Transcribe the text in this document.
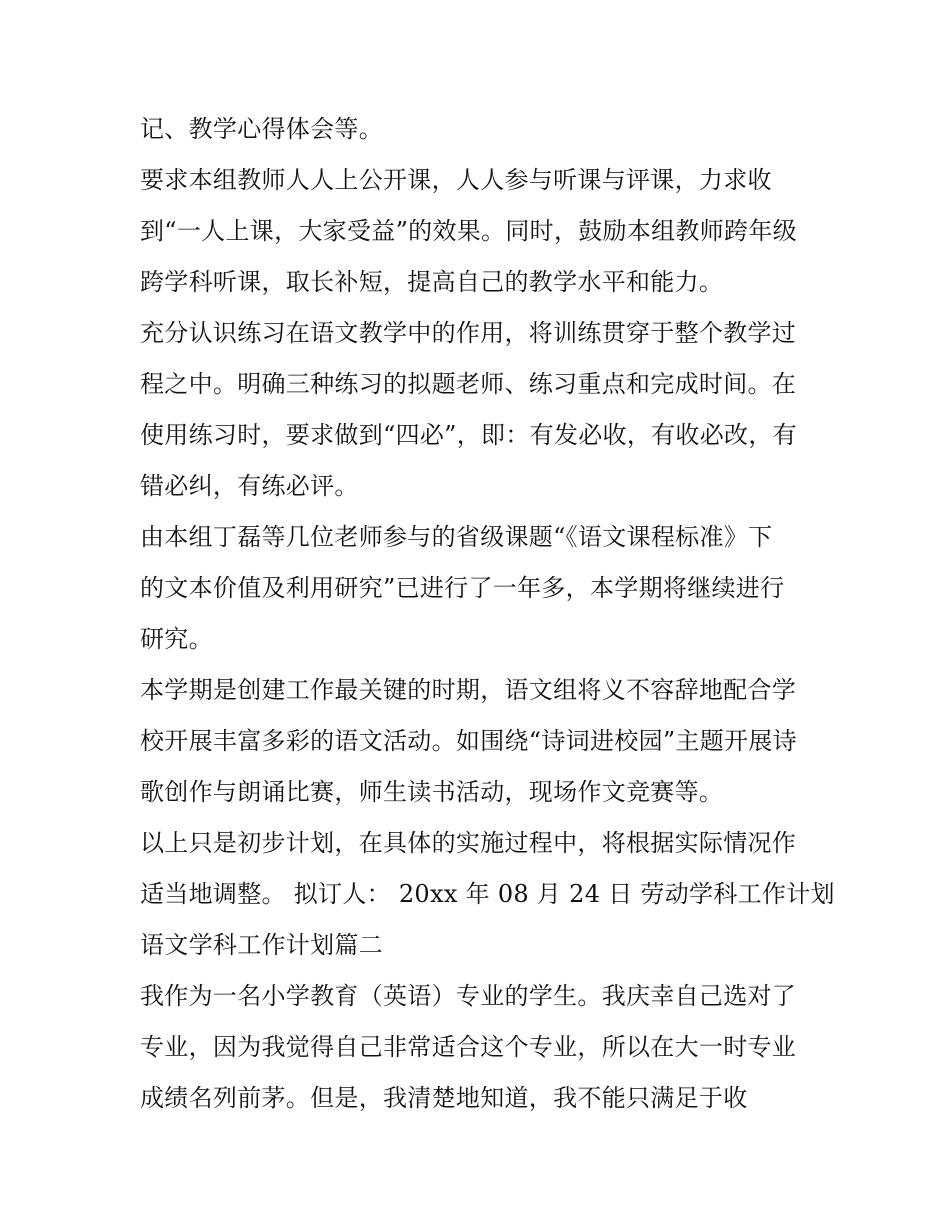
记、教学心得体会等。
要求本组教师人人上公开课，人人参与听课与评课，力求收
到“一人上课，大家受益”的效果。同时，鼓励本组教师跨年级
跨学科听课，取长补短，提高自己的教学水平和能力。
充分认识练习在语文教学中的作用，将训练贯穿于整个教学过
程之中。明确三种练习的拟题老师、练习重点和完成时间。在
使用练习时，要求做到“四必”，即：有发必收，有收必改，有
错必纠，有练必评。
由本组丁磊等几位老师参与的省级课题“《语文课程标准》下
的文本价值及利用研究”已进行了一年多，本学期将继续进行
研究。
本学期是创建工作最关键的时期，语文组将义不容辞地配合学
校开展丰富多彩的语文活动。如围绕“诗词进校园”主题开展诗
歌创作与朗诵比赛，师生读书活动，现场作文竞赛等。
以上只是初步计划，在具体的实施过程中，将根据实际情况作
适当地调整。 拟订人： 20xx 年 08 月 24 日 劳动学科工作计划
语文学科工作计划篇二
我作为一名小学教育（英语）专业的学生。我庆幸自己选对了
专业，因为我觉得自己非常适合这个专业，所以在大一时专业
成绩名列前茅。但是，我清楚地知道，我不能只满足于收
